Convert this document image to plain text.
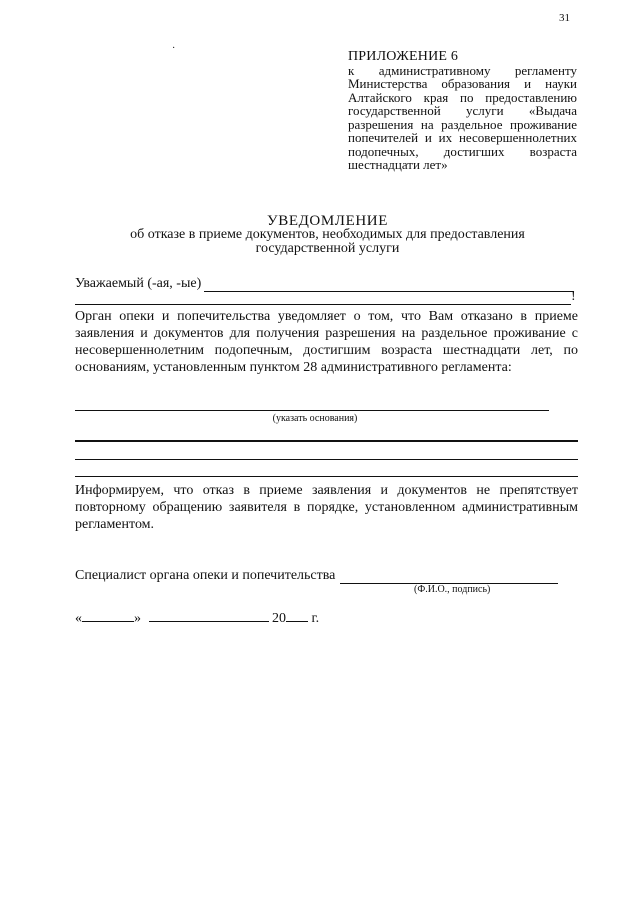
31
·
ПРИЛОЖЕНИЕ 6
к административному регламенту Министерства образования и науки Алтайского края по предоставлению государственной услуги «Выдача разрешения на раздельное проживание попечителей и их несовершеннолетних подопечных, достигших возраста шестнадцати лет»
УВЕДОМЛЕНИЕ
об отказе в приеме документов, необходимых для предоставления
государственной услуги
Уважаемый (-ая, -ые)
!
Орган опеки и попечительства уведомляет о том, что Вам отказано в приеме заявления и документов для получения разрешения на раздельное проживание с несовершеннолетним подопечным, достигшим возраста шестнадцати лет, по основаниям, установленным пунктом 28 административного регламента:
(указать основания)
Информируем, что отказ в приеме заявления и документов не препятствует повторному обращению заявителя в порядке, установленном административным регламентом.
Специалист органа опеки и попечительства
(Ф.И.О., подпись)
«	»	20 г.
